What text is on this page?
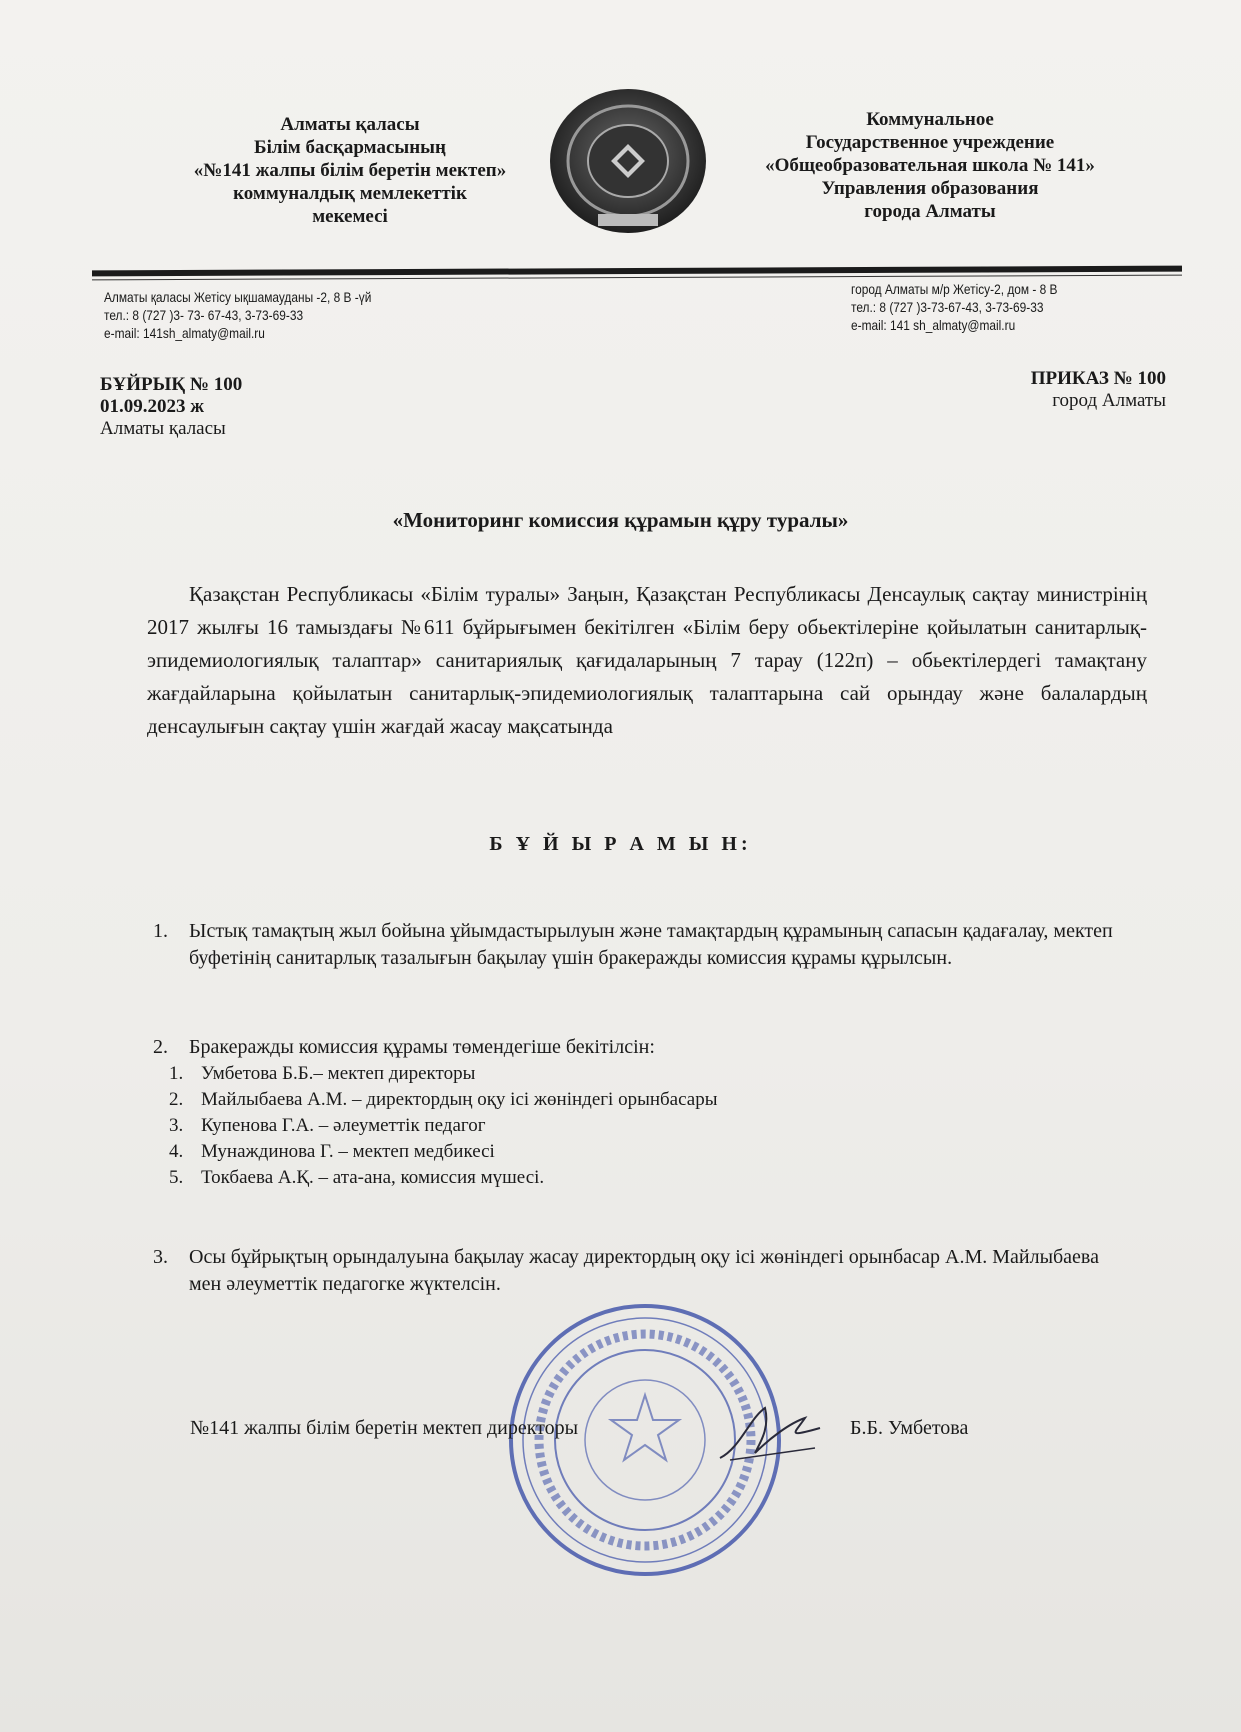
Алматы қаласы
Білім басқармасының
«№141 жалпы білім беретін мектеп»
коммуналдық мемлекеттік
мекемесі
Коммунальное
Государственное учреждение
«Общеобразовательная школа № 141»
Управления образования
города Алматы
Алматы қаласы Жетісу ықшамауданы -2, 8 В -үй
тел.: 8 (727 )3- 73- 67-43, 3-73-69-33
e-mail: 141sh_almaty@mail.ru
город Алматы м/р Жетісу-2, дом - 8 В
тел.: 8 (727 )3-73-67-43, 3-73-69-33
e-mail: 141 sh_almaty@mail.ru
БҰЙРЫҚ № 100
01.09.2023 ж
Алматы қаласы
ПРИКАЗ № 100
город Алматы
«Мониторинг комиссия құрамын құру туралы»
Қазақстан Республикасы «Білім туралы» Заңын, Қазақстан Республикасы Денсаулық сақтау министрінің 2017 жылғы 16 тамыздағы №611 бұйрығымен бекітілген «Білім беру обьектілеріне қойылатын санитарлық-эпидемиологиялық талаптар» санитариялық қағидаларының 7 тарау (122п) – обьектілердегі тамақтану жағдайларына қойылатын санитарлық-эпидемиологиялық талаптарына сай орындау және балалардың денсаулығын сақтау үшін жағдай жасау мақсатында
Б Ұ Й Ы Р А М Ы Н:
1. Ыстық тамақтың жыл бойына ұйымдастырылуын және тамақтардың құрамының сапасын қадағалау, мектеп буфетінің санитарлық тазалығын бақылау үшін бракеражды комиссия құрамы құрылсын.
2. Бракеражды комиссия құрамы төмендегіше бекітілсін:
1. Умбетова Б.Б.– мектеп директоры
2. Майлыбаева А.М. – директордың оқу ісі жөніндегі орынбасары
3. Купенова Г.А. – әлеуметтік педагог
4. Мунаждинова Г. – мектеп медбикесі
5. Токбаева А.Қ. – ата-ана, комиссия мүшесі.
3. Осы бұйрықтың орындалуына бақылау жасау директордың оқу ісі жөніндегі орынбасар А.М. Майлыбаева мен әлеуметтік педагогке жүктелсін.
№141 жалпы білім беретін мектеп директоры	Б.Б. Умбетова
